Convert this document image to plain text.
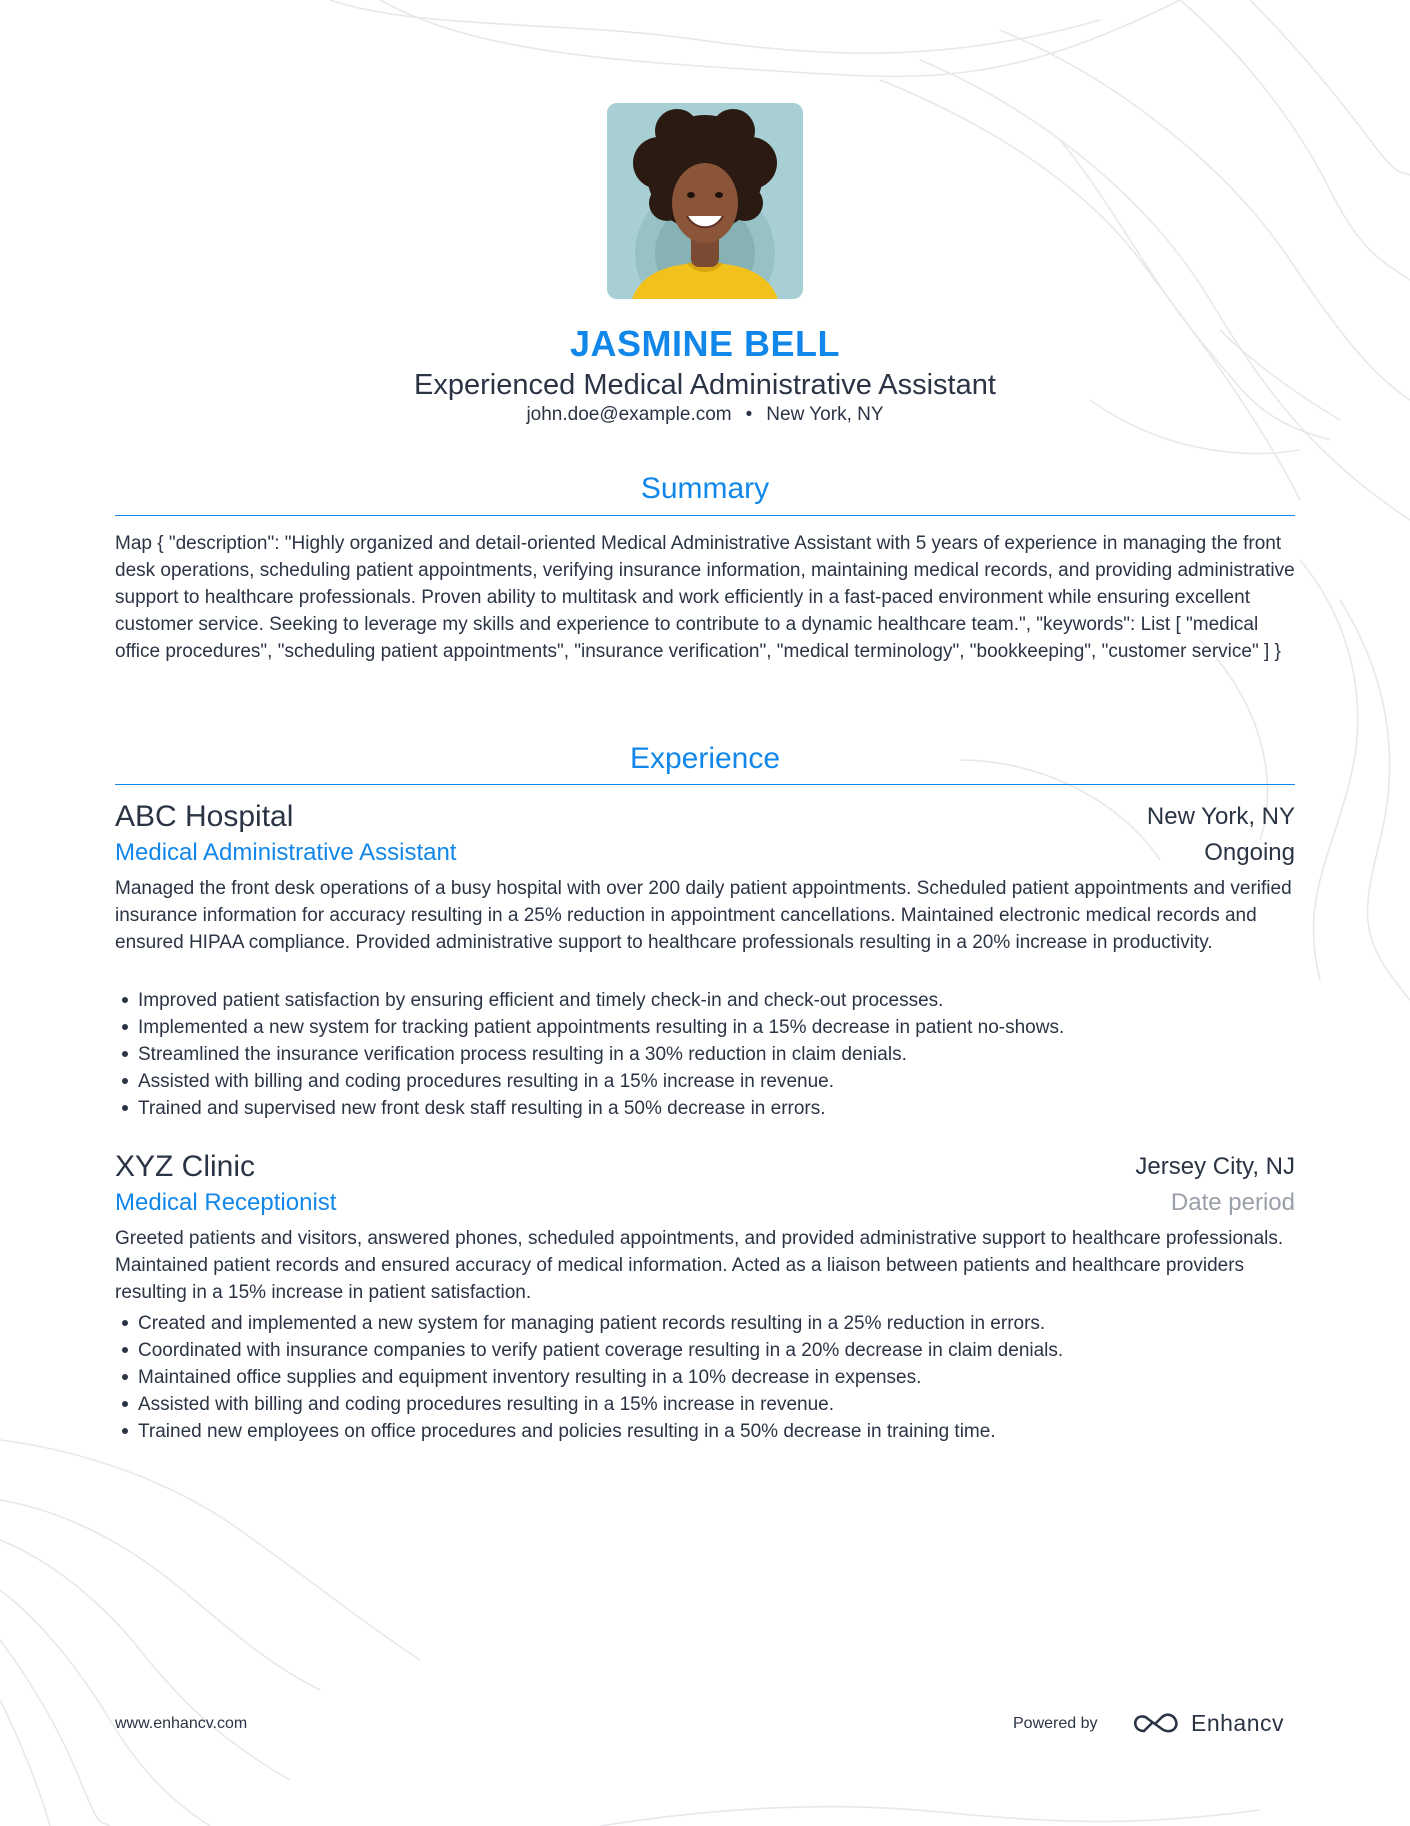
JASMINE BELL
Experienced Medical Administrative Assistant
john.doe@example.com • New York, NY
Summary
Map { "description": "Highly organized and detail-oriented Medical Administrative Assistant with 5 years of experience in managing the front desk operations, scheduling patient appointments, verifying insurance information, maintaining medical records, and providing administrative support to healthcare professionals. Proven ability to multitask and work efficiently in a fast-paced environment while ensuring excellent customer service. Seeking to leverage my skills and experience to contribute to a dynamic healthcare team.", "keywords": List [ "medical office procedures", "scheduling patient appointments", "insurance verification", "medical terminology", "bookkeeping", "customer service" ] }
Experience
ABC Hospital	New York, NY
Medical Administrative Assistant	Ongoing
Managed the front desk operations of a busy hospital with over 200 daily patient appointments. Scheduled patient appointments and verified insurance information for accuracy resulting in a 25% reduction in appointment cancellations. Maintained electronic medical records and ensured HIPAA compliance. Provided administrative support to healthcare professionals resulting in a 20% increase in productivity.
Improved patient satisfaction by ensuring efficient and timely check-in and check-out processes.
Implemented a new system for tracking patient appointments resulting in a 15% decrease in patient no-shows.
Streamlined the insurance verification process resulting in a 30% reduction in claim denials.
Assisted with billing and coding procedures resulting in a 15% increase in revenue.
Trained and supervised new front desk staff resulting in a 50% decrease in errors.
XYZ Clinic	Jersey City, NJ
Medical Receptionist	Date period
Greeted patients and visitors, answered phones, scheduled appointments, and provided administrative support to healthcare professionals. Maintained patient records and ensured accuracy of medical information. Acted as a liaison between patients and healthcare providers resulting in a 15% increase in patient satisfaction.
Created and implemented a new system for managing patient records resulting in a 25% reduction in errors.
Coordinated with insurance companies to verify patient coverage resulting in a 20% decrease in claim denials.
Maintained office supplies and equipment inventory resulting in a 10% decrease in expenses.
Assisted with billing and coding procedures resulting in a 15% increase in revenue.
Trained new employees on office procedures and policies resulting in a 50% decrease in training time.
www.enhancv.com	Powered by	Enhancv
